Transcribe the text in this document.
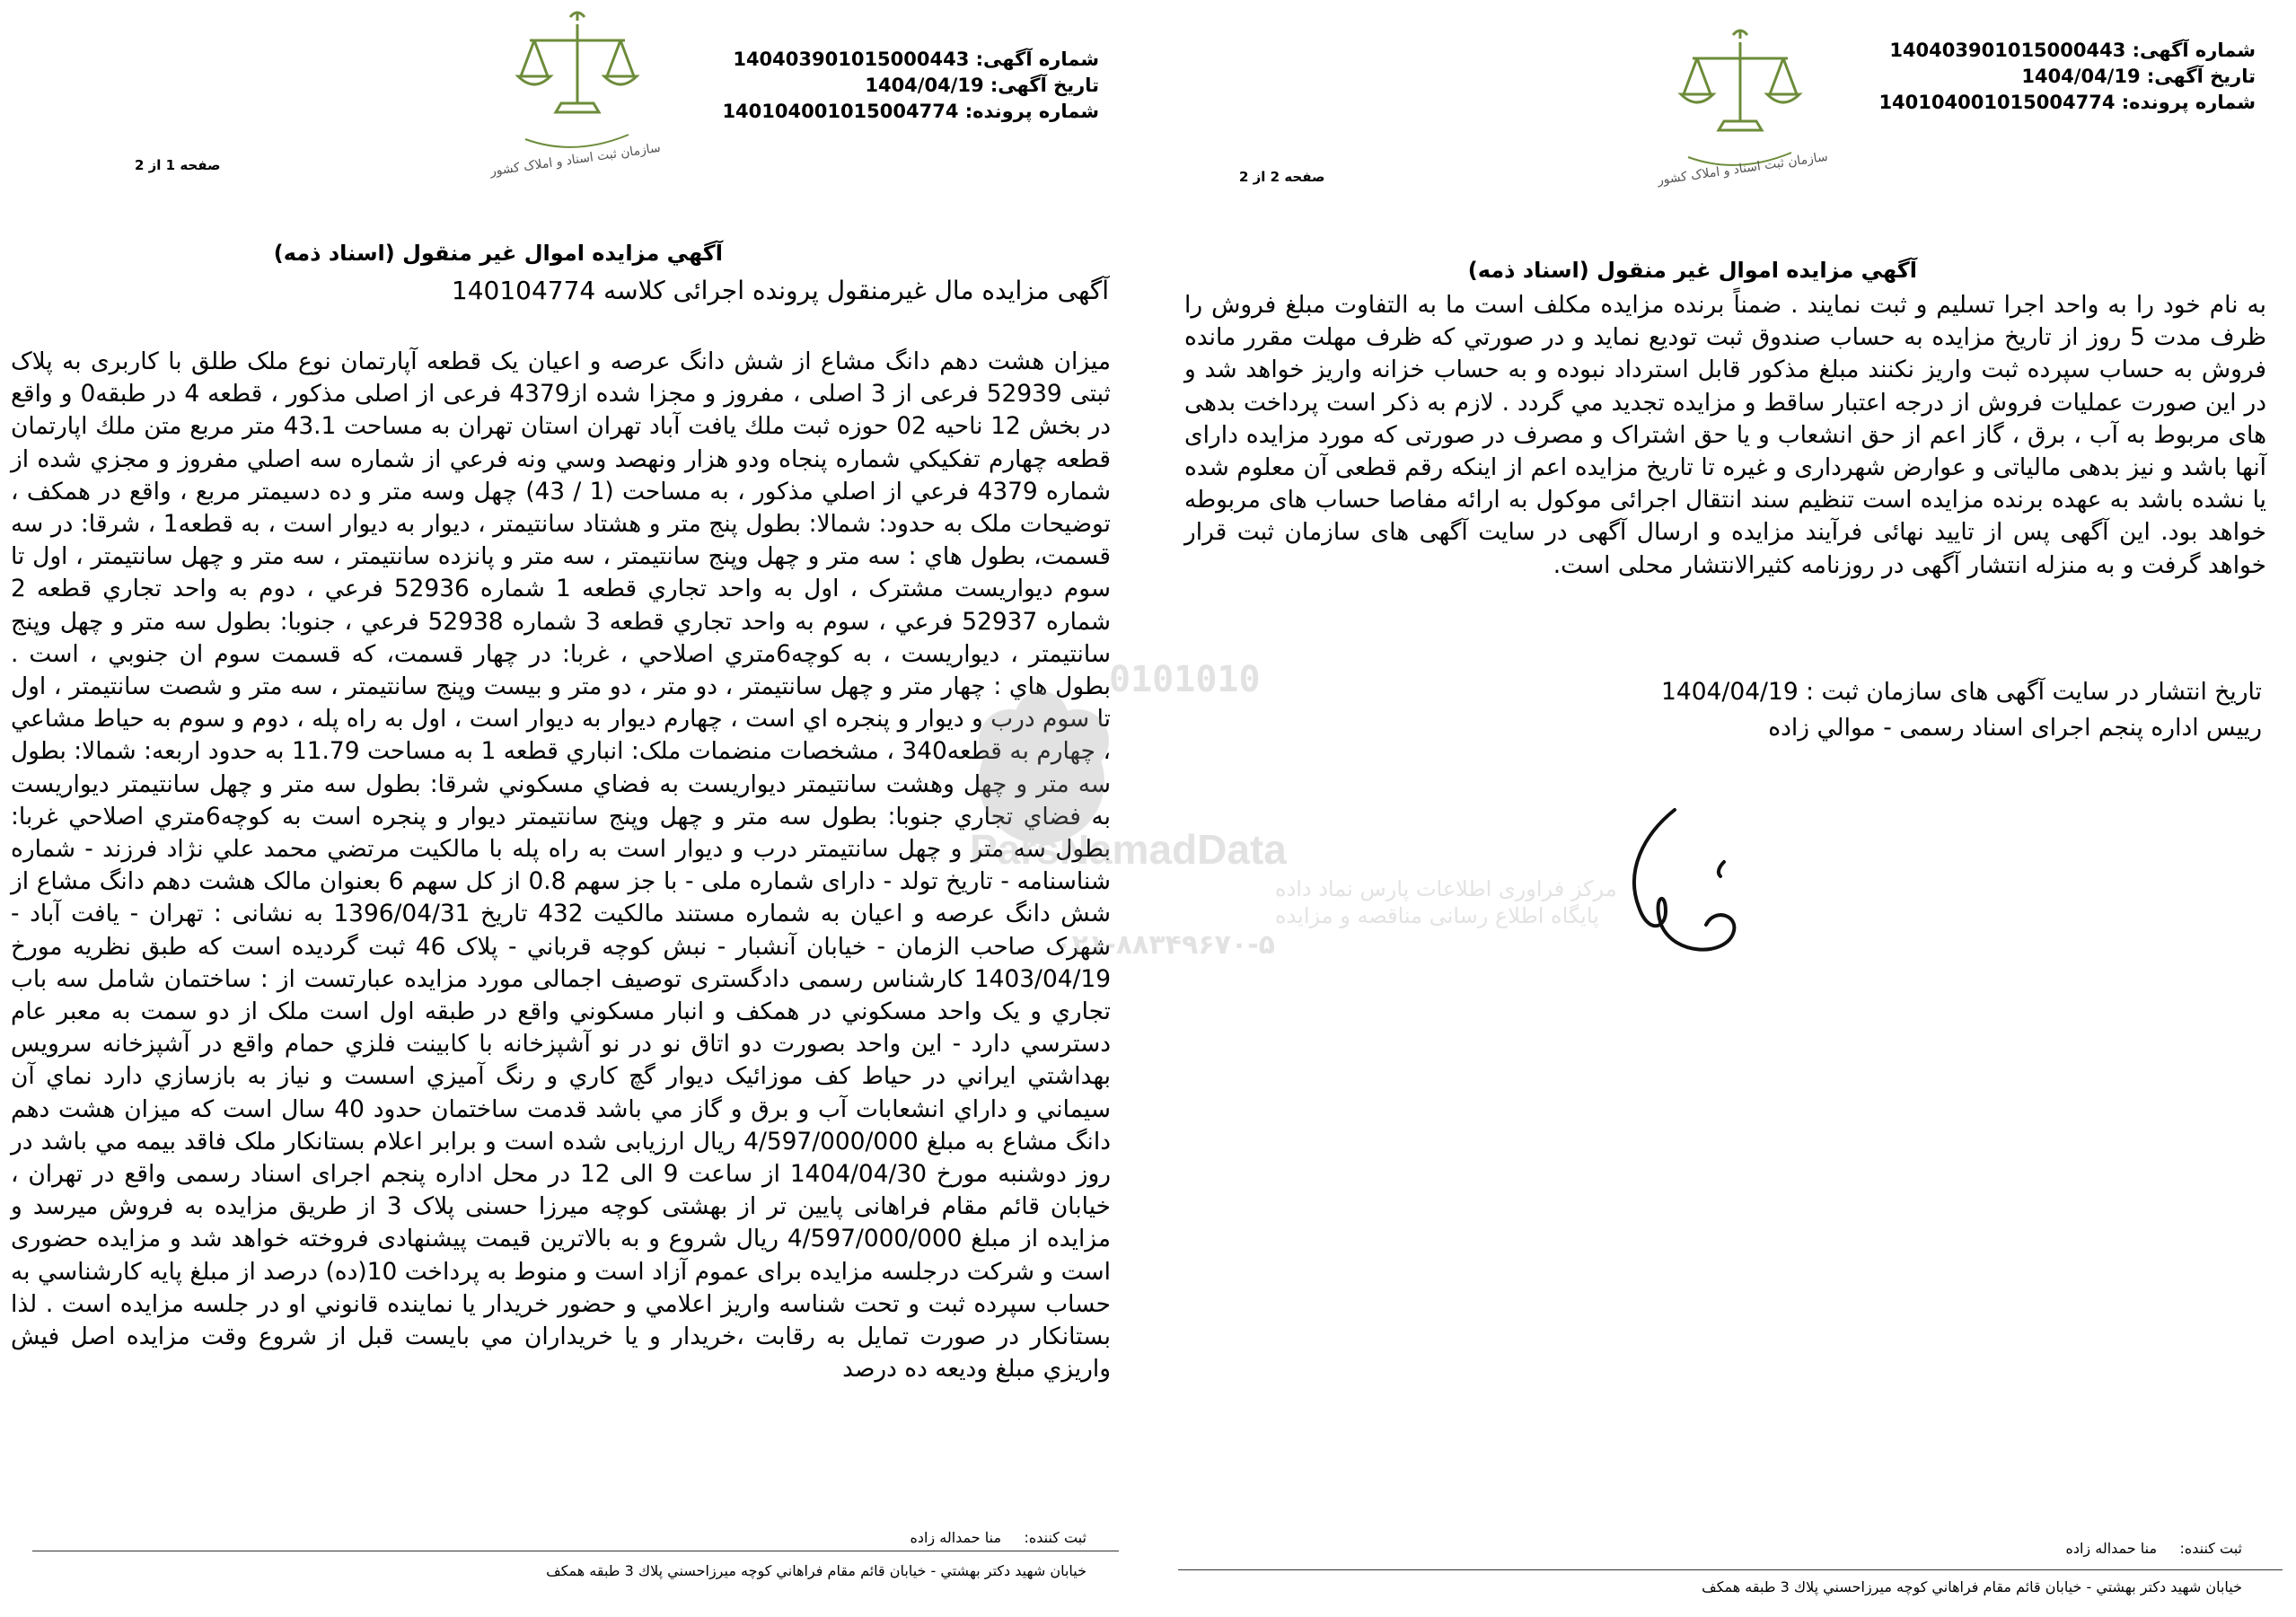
شماره آگهی: 140403901015000443
تاریخ آگهی: 1404/04/19
شماره پرونده: 140104001015004774
سازمان ثبت اسناد و املاک کشور
صفحه 2 از 2
آگهي مزايده اموال غير منقول (اسناد ذمه)
به نام خود را به واحد اجرا تسليم و ثبت نمايند . ضمناً برنده مزايده مكلف است ما به التفاوت مبلغ فروش را ظرف مدت 5 روز از تاريخ مزايده به حساب صندوق ثبت توديع نمايد و در صورتي كه ظرف مهلت مقرر مانده فروش به حساب سپرده ثبت واريز نكنند مبلغ مذكور قابل استرداد نبوده و به حساب خزانه واريز خواهد شد و در اين صورت عمليات فروش از درجه اعتبار ساقط و مزايده تجديد مي گردد . لازم به ذكر است پرداخت بدهی های مربوط به آب ، برق ، گاز اعم از حق انشعاب و يا حق اشتراک و مصرف در صورتی كه مورد مزايده دارای آنها باشد و نيز بدهی مالياتی و عوارض شهرداری و غيره تا تاريخ مزايده اعم از اينكه رقم قطعی آن معلوم شده يا نشده باشد به عهده برنده مزايده است تنظيم سند انتقال اجرائی موكول به ارائه مفاصا حساب های مربوطه خواهد بود. اين آگهی پس از تاييد نهائی فرآيند مزايده و ارسال آگهی در سايت آگهی های سازمان ثبت قرار خواهد گرفت و به منزله انتشار آگهی در روزنامه كثيرالانتشار محلی است.
تاريخ انتشار در سايت آگهی های سازمان ثبت : 1404/04/19
رييس اداره پنجم اجرای اسناد رسمی - موالي زاده
ثبت كننده:     منا حمداله زاده
خيابان شهيد دكتر بهشتي - خيابان قائم مقام فراهاني كوچه ميرزاحسني پلاك 3 طبقه همكف
شماره آگهی: 140403901015000443
تاریخ آگهی: 1404/04/19
شماره پرونده: 140104001015004774
سازمان ثبت اسناد و املاک کشور
صفحه 1 از 2
آگهي مزايده اموال غير منقول (اسناد ذمه)
آگهی مزايده مال غيرمنقول پرونده اجرائی كلاسه 140104774
ميزان هشت دهم دانگ مشاع از شش دانگ عرصه و اعيان يک قطعه آپارتمان نوع ملک طلق با كاربری به پلاک ثبتی 52939 فرعی از 3 اصلی ، مفروز و مجزا شده از4379 فرعی از اصلی مذكور ، قطعه 4 در طبقه0 و واقع در بخش 12 ناحيه 02 حوزه ثبت ملك يافت آباد تهران استان تهران به مساحت 43.1 متر مربع متن ملك اپارتمان قطعه چهارم تفكيكي شماره پنجاه ودو هزار ونهصد وسي ونه فرعي از شماره سه اصلي مفروز و مجزي شده از شماره 4379 فرعي از اصلي مذكور ، به مساحت (1 / 43) چهل وسه متر و ده دسيمتر مربع ، واقع در همكف ، توضيحات ملک به حدود: شمالا: بطول پنج متر و هشتاد سانتيمتر ، ديوار به ديوار است ، به قطعه1 ، شرقا: در سه قسمت، بطول هاي : سه متر و چهل وپنج سانتيمتر ، سه متر و پانزده سانتيمتر ، سه متر و چهل سانتيمتر ، اول تا سوم ديواريست مشترک ، اول به واحد تجاري قطعه 1 شماره 52936 فرعي ، دوم به واحد تجاري قطعه 2 شماره 52937 فرعي ، سوم به واحد تجاري قطعه 3 شماره 52938 فرعي ، جنوبا: بطول سه متر و چهل وپنج سانتيمتر ، ديواريست ، به كوچه6متري اصلاحي ، غربا: در چهار قسمت، كه قسمت سوم ان جنوبي ، است . بطول هاي : چهار متر و چهل سانتيمتر ، دو متر ، دو متر و بيست وپنج سانتيمتر ، سه متر و شصت سانتيمتر ، اول تا سوم درب و ديوار و پنجره اي است ، چهارم ديوار به ديوار است ، اول به راه پله ، دوم و سوم به حياط مشاعي ، چهارم به قطعه340 ، مشخصات منضمات ملک: انباري قطعه 1 به مساحت 11.79 به حدود اربعه: شمالا: بطول سه متر و چهل وهشت سانتيمتر ديواريست به فضاي مسكوني شرقا: بطول سه متر و چهل سانتيمتر ديواريست به فضاي تجاري جنوبا: بطول سه متر و چهل وپنج سانتيمتر ديوار و پنجره است به كوچه6متري اصلاحي غربا: بطول سه متر و چهل سانتيمتر درب و ديوار است به راه پله با مالكيت مرتضي محمد علي نژاد فرزند - شماره شناسنامه - تاريخ تولد - دارای شماره ملی - با جز سهم 0.8 از كل سهم 6 بعنوان مالک هشت دهم دانگ مشاع از شش دانگ عرصه و اعيان به شماره مستند مالكيت 432 تاريخ 1396/04/31 به نشانی : تهران - يافت آباد - شهرک صاحب الزمان - خيابان آنشبار - نبش كوچه قرباني - پلاک 46 ثبت گرديده است كه طبق نظريه مورخ 1403/04/19 كارشناس رسمی دادگستری توصيف اجمالی مورد مزايده عبارتست از : ساختمان شامل سه باب تجاري و يک واحد مسكوني در همكف و انبار مسكوني واقع در طبقه اول است ملک از دو سمت به معبر عام دسترسي دارد - اين واحد بصورت دو اتاق نو در نو آشپزخانه با كابينت فلزي حمام واقع در آشپزخانه سرويس بهداشتي ايراني در حياط كف موزائيک ديوار گچ كاري و رنگ آميزي اسست و نياز به بازسازي دارد نماي آن سيماني و داراي انشعابات آب و برق و گاز مي باشد قدمت ساختمان حدود 40 سال است كه ميزان هشت دهم دانگ مشاع به مبلغ 4/597/000/000 ريال ارزيابی شده است و برابر اعلام بستانكار ملک فاقد بيمه مي باشد در روز دوشنبه مورخ 1404/04/30 از ساعت 9 الی 12 در محل اداره پنجم اجرای اسناد رسمی واقع در تهران ، خيابان قائم مقام فراهانی پايين تر از بهشتی كوچه ميرزا حسنی پلاک 3 از طريق مزايده به فروش ميرسد و مزايده از مبلغ 4/597/000/000 ريال شروع و به بالاترين قيمت پيشنهادی فروخته خواهد شد و مزايده حضوری است و شركت درجلسه مزايده برای عموم آزاد است و منوط به پرداخت 10(ده) درصد از مبلغ پايه كارشناسي به حساب سپرده ثبت و تحت شناسه واريز اعلامي و حضور خريدار يا نماينده قانوني او در جلسه مزايده است . لذا بستانكار در صورت تمايل به رقابت ،خريدار و يا خريداران مي بايست قبل از شروع وقت مزايده اصل فيش واريزي مبلغ وديعه ده درصد
ثبت كننده:     منا حمداله زاده
خيابان شهيد دكتر بهشتي - خيابان قائم مقام فراهاني كوچه ميرزاحسني پلاك 3 طبقه همكف
0101010
ParsNamadData
مرکز فراوری اطلاعات پارس نماد داده
پایگاه اطلاع رسانی مناقصه و مزایده
۰۲۱-۸۸۳۴۹۶۷۰-۵
